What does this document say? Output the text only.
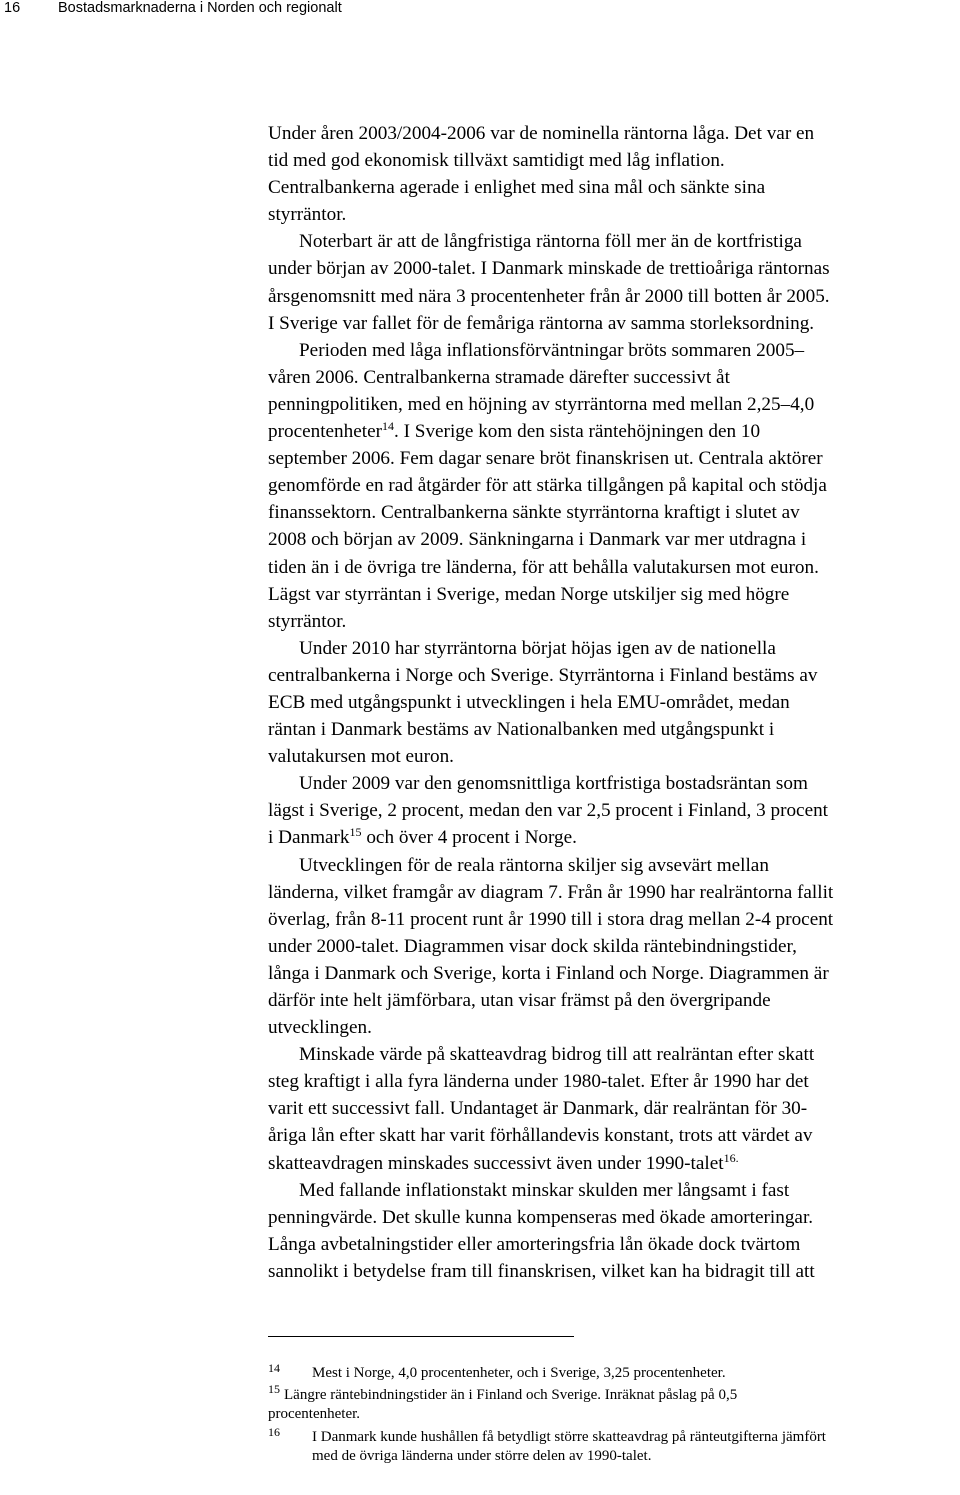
16	Bostadsmarknaderna i Norden och regionalt
Under åren 2003/2004-2006 var de nominella räntorna låga. Det var en
tid med god ekonomisk tillväxt samtidigt med låg inflation.
Centralbankerna agerade i enlighet med sina mål och sänkte sina
styrräntor.
Noterbart är att de långfristiga räntorna föll mer än de kortfristiga
under början av 2000-talet. I Danmark minskade de trettioåriga räntornas
årsgenomsnitt med nära 3 procentenheter från år 2000 till botten år 2005.
I Sverige var fallet för de femåriga räntorna av samma storleksordning.
Perioden med låga inflationsförväntningar bröts sommaren 2005–
våren 2006. Centralbankerna stramade därefter successivt åt
penningpolitiken, med en höjning av styrräntorna med mellan 2,25–4,0
procentenheter$^{14}$. I Sverige kom den sista räntehöjningen den 10
september 2006. Fem dagar senare bröt finanskrisen ut. Centrala aktörer
genomförde en rad åtgärder för att stärka tillgången på kapital och stödja
finanssektorn. Centralbankerna sänkte styrräntorna kraftigt i slutet av
2008 och början av 2009. Sänkningarna i Danmark var mer utdragna i
tiden än i de övriga tre länderna, för att behålla valutakursen mot euron.
Lägst var styrräntan i Sverige, medan Norge utskiljer sig med högre
styrräntor.
Under 2010 har styrräntorna börjat höjas igen av de nationella
centralbankerna i Norge och Sverige. Styrräntorna i Finland bestäms av
ECB med utgångspunkt i utvecklingen i hela EMU-området, medan
räntan i Danmark bestäms av Nationalbanken med utgångspunkt i
valutakursen mot euron.
Under 2009 var den genomsnittliga kortfristiga bostadsräntan som
lägst i Sverige, 2 procent, medan den var 2,5 procent i Finland, 3 procent
i Danmark$^{15}$ och över 4 procent i Norge.
Utvecklingen för de reala räntorna skiljer sig avsevärt mellan
länderna, vilket framgår av diagram 7. Från år 1990 har realräntorna fallit
överlag, från 8-11 procent runt år 1990 till i stora drag mellan 2-4 procent
under 2000-talet. Diagrammen visar dock skilda räntebindningstider,
långa i Danmark och Sverige, korta i Finland och Norge. Diagrammen är
därför inte helt jämförbara, utan visar främst på den övergripande
utvecklingen.
Minskade värde på skatteavdrag bidrog till att realräntan efter skatt
steg kraftigt i alla fyra länderna under 1980-talet. Efter år 1990 har det
varit ett successivt fall. Undantaget är Danmark, där realräntan för 30-
åriga lån efter skatt har varit förhållandevis konstant, trots att värdet av
skatteavdragen minskades successivt även under 1990-talet$^{16.}$
Med fallande inflationstakt minskar skulden mer långsamt i fast
penningvärde. Det skulle kunna kompenseras med ökade amorteringar.
Långa avbetalningstider eller amorteringsfria lån ökade dock tvärtom
sannolikt i betydelse fram till finanskrisen, vilket kan ha bidragit till att
14	Mest i Norge, 4,0 procentenheter, och i Sverige, 3,25 procentenheter.
15 Längre räntebindningstider än i Finland och Sverige. Inräknat påslag på 0,5
procentenheter.
16	I Danmark kunde hushållen få betydligt större skatteavdrag på ränteutgifterna jämfört
med de övriga länderna under större delen av 1990-talet.
